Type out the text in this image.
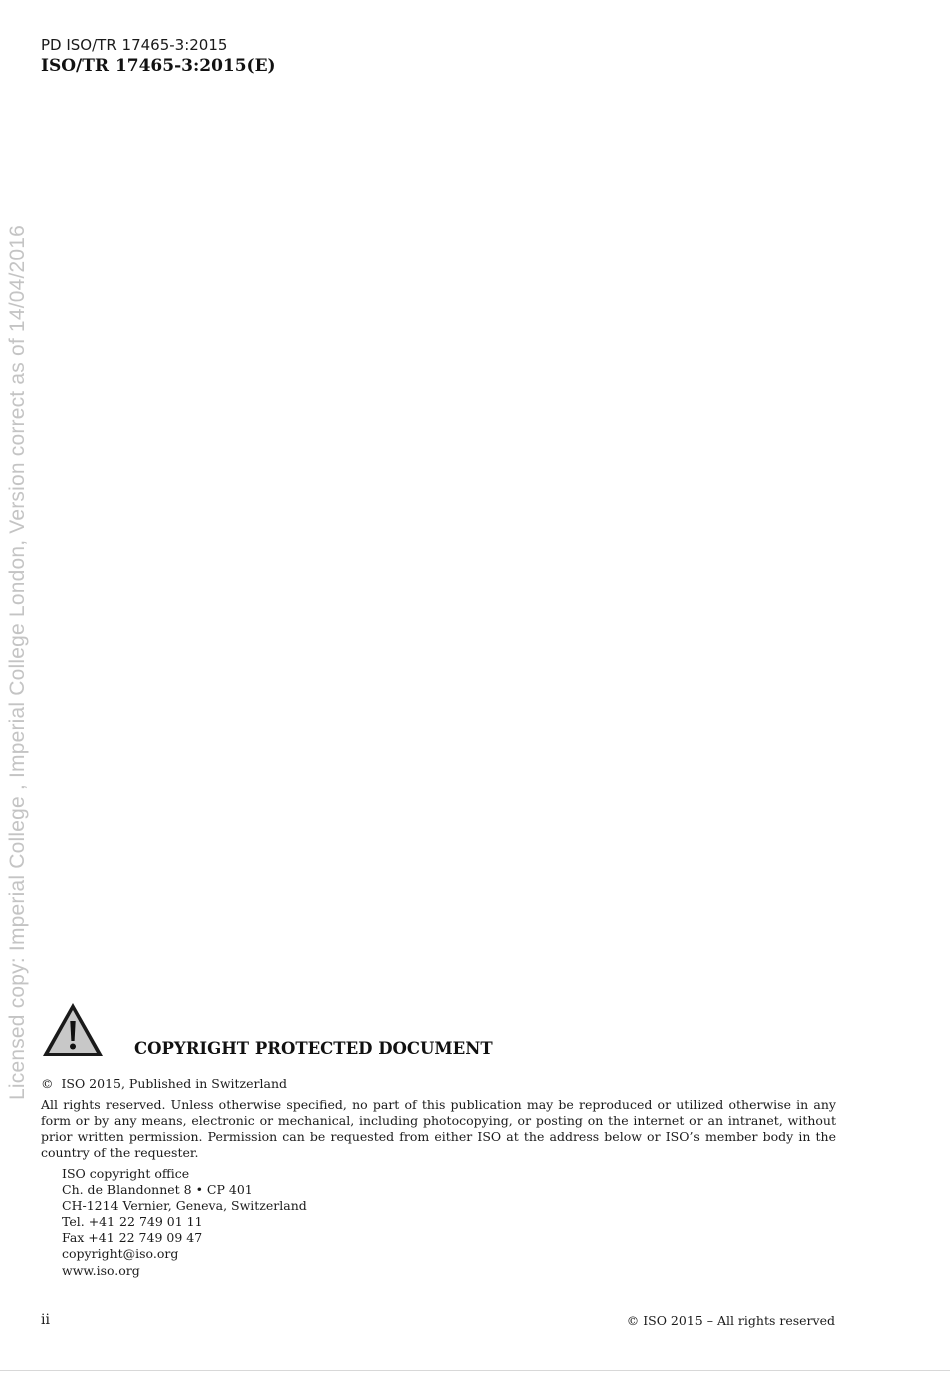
Licensed copy: Imperial College , Imperial College London, Version correct as of 14/04/2016
PD ISO/TR 17465-3:2015
ISO/TR 17465-3:2015(E)
COPYRIGHT PROTECTED DOCUMENT
© ISO 2015, Published in Switzerland

All rights reserved. Unless otherwise specified, no part of this publication may be reproduced or utilized otherwise in any form or by any means, electronic or mechanical, including photocopying, or posting on the internet or an intranet, without prior written permission. Permission can be requested from either ISO at the address below or ISO’s member body in the country of the requester.

ISO copyright office
Ch. de Blandonnet 8 • CP 401
CH-1214 Vernier, Geneva, Switzerland
Tel. +41 22 749 01 11
Fax +41 22 749 09 47
copyright@iso.org
www.iso.org
ii	© ISO 2015 – All rights reserved
